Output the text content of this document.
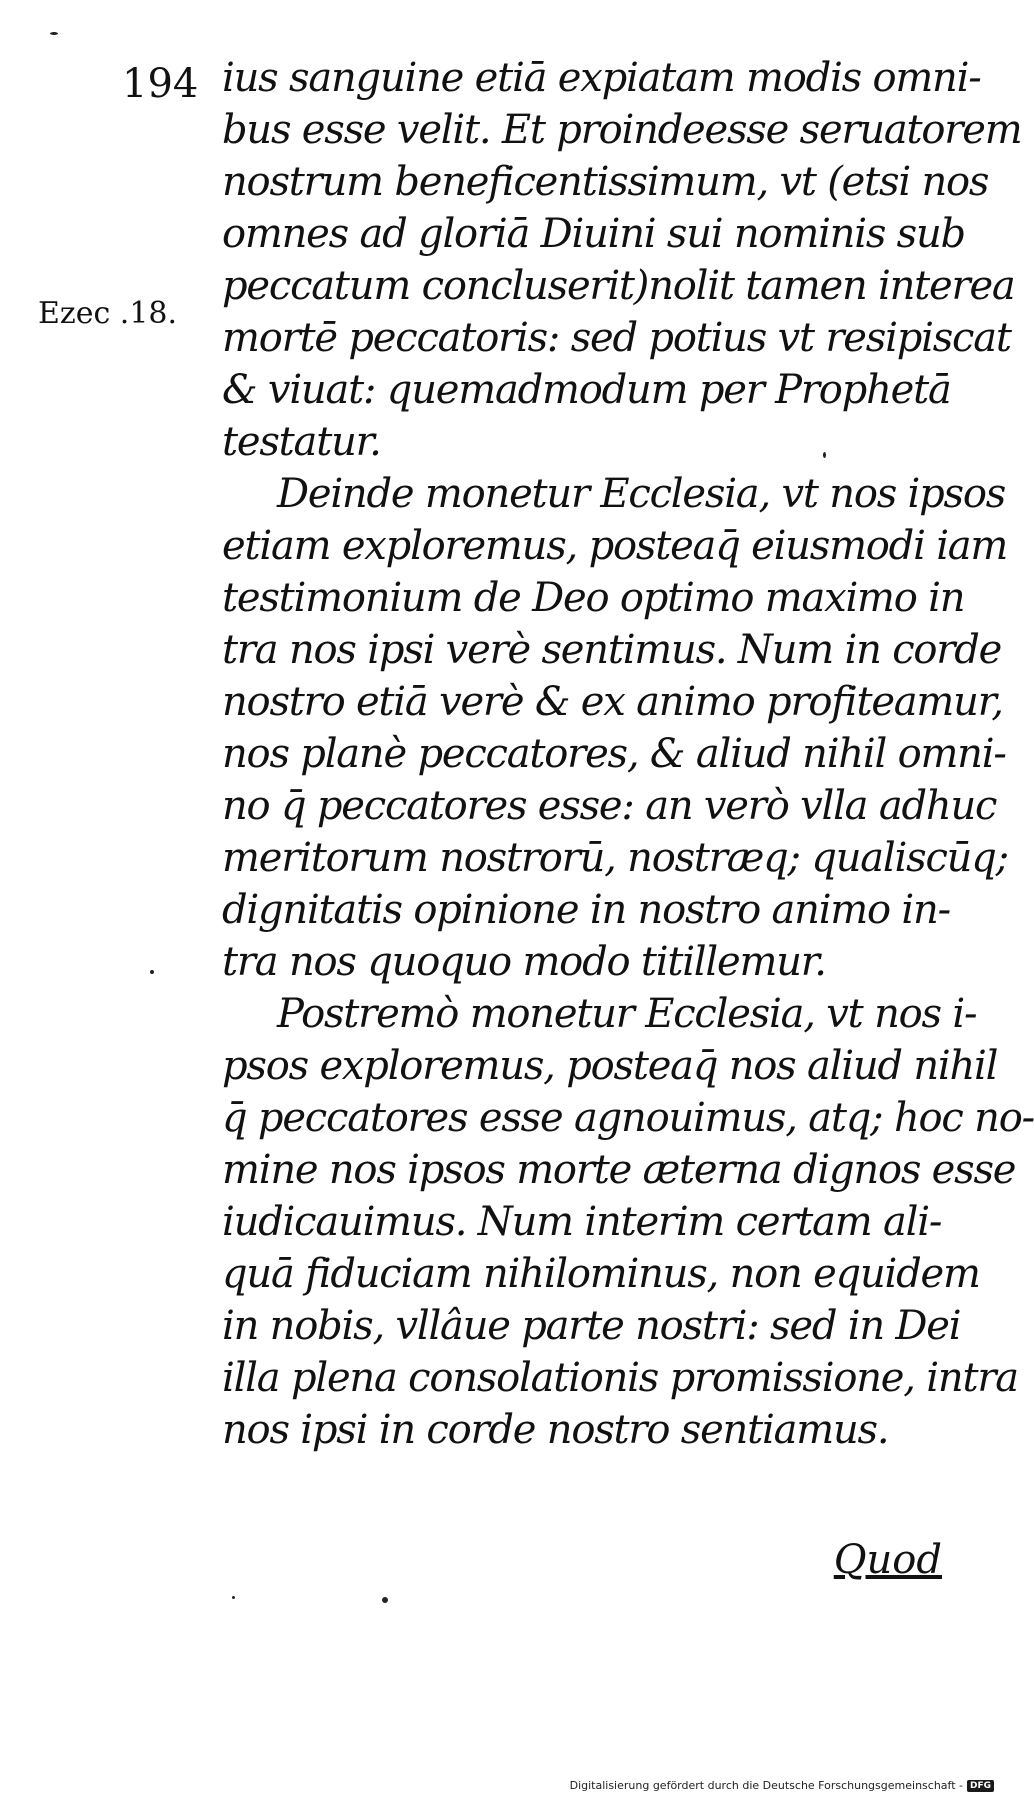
194
Ezec .18.
ius sanguine etiā expiatam modis omni-
bus esse velit. Et proindeesse seruatorem
nostrum beneficentissimum, vt (etsi nos
omnes ad gloriā Diuini sui nominis sub
peccatum concluserit)nolit tamen interea
mortē peccatoris: sed potius vt resipiscat
& viuat: quemadmodum per Prophetā
testatur.
Deinde monetur Ecclesia, vt nos ipsos
etiam exploremus, posteaq̄ eiusmodi iam
testimonium de Deo optimo maximo in
tra nos ipsi verè sentimus. Num in corde
nostro etiā verè & ex animo profiteamur,
nos planè peccatores, & aliud nihil omni-
no q̄ peccatores esse: an verò vlla adhuc
meritorum nostrorū, nostræq; qualiscūq;
dignitatis opinione in nostro animo in-
tra nos quoquo modo titillemur.
Postremò monetur Ecclesia, vt nos i-
psos exploremus, posteaq̄ nos aliud nihil
q̄ peccatores esse agnouimus, atq; hoc no-
mine nos ipsos morte æterna dignos esse
iudicauimus. Num interim certam ali-
quā fiduciam nihilominus, non equidem
in nobis, vllâue parte nostri: sed in Dei
illa plena consolationis promissione, intra
nos ipsi in corde nostro sentiamus.
Quod
Digitalisierung gefördert durch die Deutsche Forschungsgemeinschaft - DFG
